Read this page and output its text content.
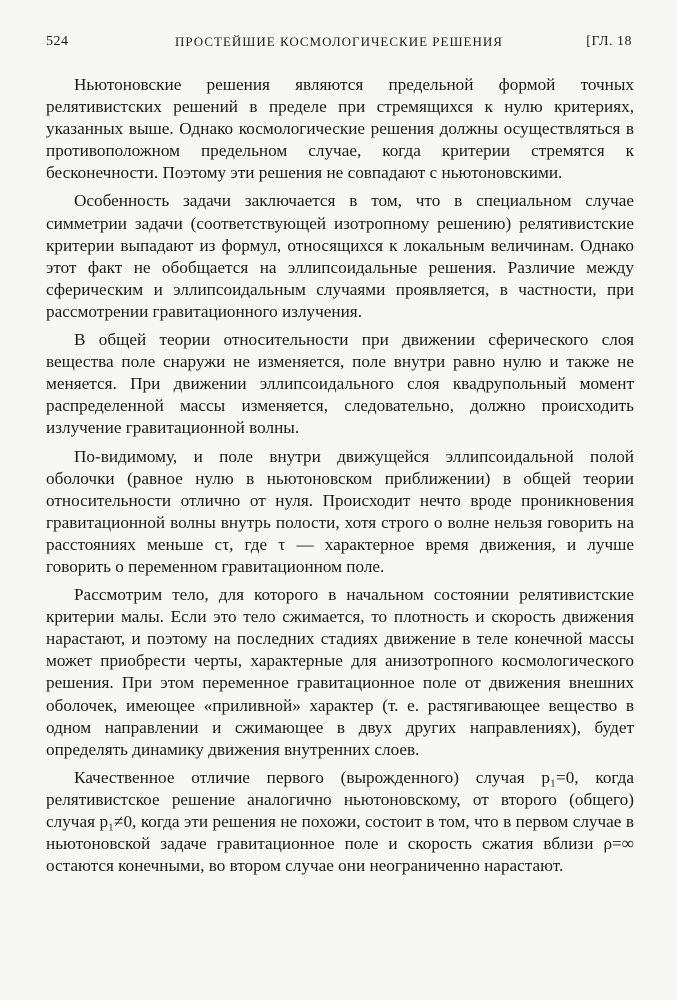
524	ПРОСТЕЙШИЕ КОСМОЛОГИЧЕСКИЕ РЕШЕНИЯ	[ГЛ. 18

Ньютоновские решения являются предельной формой точных релятивистских решений в пределе при стремящихся к нулю критериях, указанных выше. Однако космологические решения должны осуществляться в противоположном предельном случае, когда критерии стремятся к бесконечности. Поэтому эти решения не совпадают с ньютоновскими.

Особенность задачи заключается в том, что в специальном случае симметрии задачи (соответствующей изотропному решению) релятивистские критерии выпадают из формул, относящихся к локальным величинам. Однако этот факт не обобщается на эллипсоидальные решения. Различие между сферическим и эллипсоидальным случаями проявляется, в частности, при рассмотрении гравитационного излучения.

В общей теории относительности при движении сферического слоя вещества поле снаружи не изменяется, поле внутри равно нулю и также не меняется. При движении эллипсоидального слоя квадрупольный момент распределенной массы изменяется, следовательно, должно происходить излучение гравитационной волны.

По-видимому, и поле внутри движущейся эллипсоидальной полой оболочки (равное нулю в ньютоновском приближении) в общей теории относительности отлично от нуля. Происходит нечто вроде проникновения гравитационной волны внутрь полости, хотя строго о волне нельзя говорить на расстояниях меньше cτ, где τ — характерное время движения, и лучше говорить о переменном гравитационном поле.

Рассмотрим тело, для которого в начальном состоянии релятивистские критерии малы. Если это тело сжимается, то плотность и скорость движения нарастают, и поэтому на последних стадиях движение в теле конечной массы может приобрести черты, характерные для анизотропного космологического решения. При этом переменное гравитационное поле от движения внешних оболочек, имеющее «приливной» характер (т. е. растягивающее вещество в одном направлении и сжимающее в двух других направлениях), будет определять динамику движения внутренних слоев.

Качественное отличие первого (вырожденного) случая p₁=0, когда релятивистское решение аналогично ньютоновскому, от второго (общего) случая p₁≠0, когда эти решения не похожи, состоит в том, что в первом случае в ньютоновской задаче гравитационное поле и скорость сжатия вблизи ρ=∞ остаются конечными, во втором случае они неограниченно нарастают.
